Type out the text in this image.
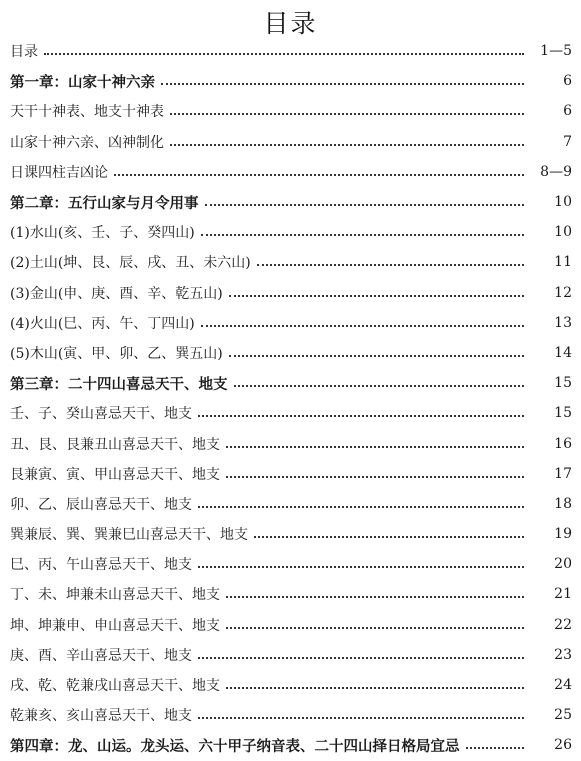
目录
目录	1—5
第一章：山家十神六亲	6
天干十神表、地支十神表	6
山家十神六亲、凶神制化	7
日课四柱吉凶论	8—9
第二章：五行山家与月令用事	10
(1)水山(亥、壬、子、癸四山)	10
(2)土山(坤、艮、辰、戌、丑、未六山)	11
(3)金山(申、庚、酉、辛、乾五山)	12
(4)火山(巳、丙、午、丁四山)	13
(5)木山(寅、甲、卯、乙、巽五山)	14
第三章：二十四山喜忌天干、地支	15
壬、子、癸山喜忌天干、地支	15
丑、艮、艮兼丑山喜忌天干、地支	16
艮兼寅、寅、甲山喜忌天干、地支	17
卯、乙、辰山喜忌天干、地支	18
巽兼辰、巽、巽兼巳山喜忌天干、地支	19
巳、丙、午山喜忌天干、地支	20
丁、未、坤兼未山喜忌天干、地支	21
坤、坤兼申、申山喜忌天干、地支	22
庚、酉、辛山喜忌天干、地支	23
戌、乾、乾兼戌山喜忌天干、地支	24
乾兼亥、亥山喜忌天干、地支	25
第四章：龙、山运。龙头运、六十甲子纳音表、二十四山择日格局宜忌	26
